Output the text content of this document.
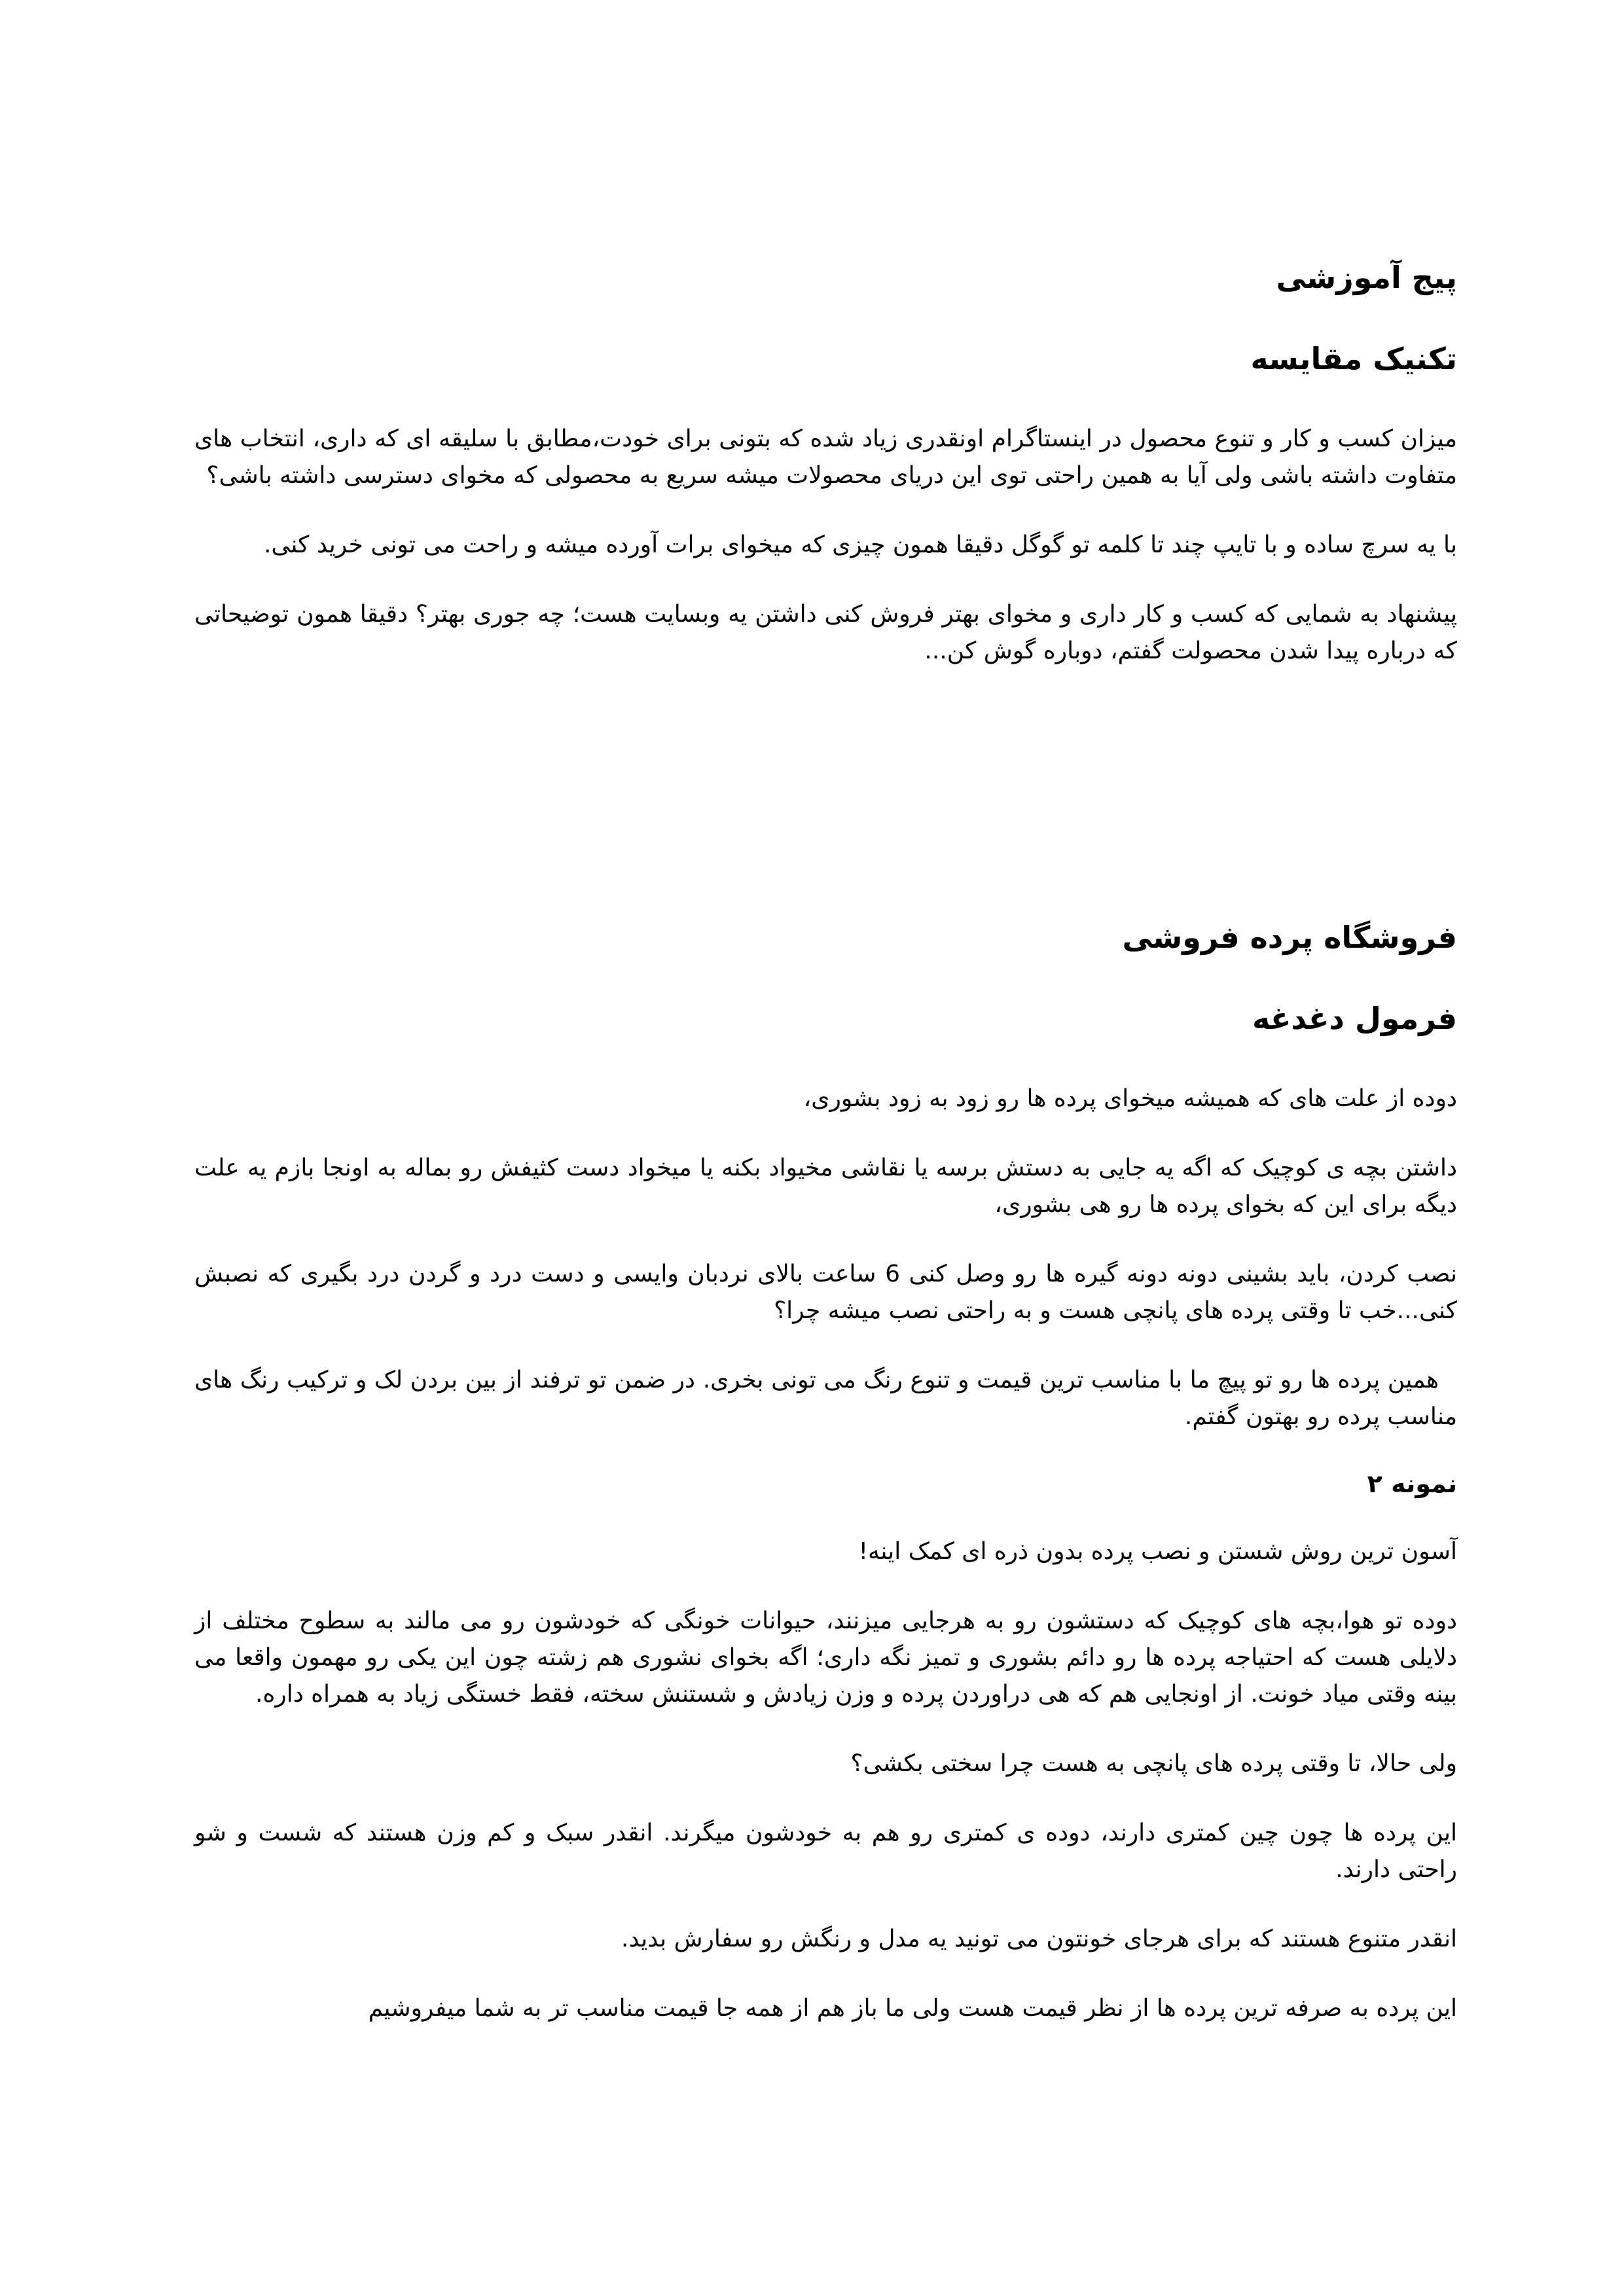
پیج آموزشی
تکنیک مقایسه

میزان کسب و کار و تنوع محصول در اینستاگرام اونقدری زیاد شده که بتونی برای خودت،مطابق با سلیقه ای که داری، انتخاب های متفاوت داشته باشی ولی آیا به همین راحتی توی این دریای محصولات میشه سریع به محصولی که مخوای دسترسی داشته باشی؟

با یه سرچ ساده و با تایپ چند تا کلمه تو گوگل دقیقا همون چیزی که میخوای برات آورده میشه و راحت می تونی خرید کنی.

پیشنهاد به شمایی که کسب و کار داری و مخوای بهتر فروش کنی داشتن یه وبسایت هست؛ چه جوری بهتر؟ دقیقا همون توضیحاتی که درباره پیدا شدن محصولت گفتم، دوباره گوش کن...

فروشگاه پرده فروشی
فرمول دغدغه

دوده از علت های که همیشه میخوای پرده ها رو زود به زود بشوری،

داشتن بچه ی کوچیک که اگه یه جایی به دستش برسه یا نقاشی مخیواد بکنه یا میخواد دست کثیفش رو بماله به اونجا بازم یه علت دیگه برای این که بخوای پرده ها رو هی بشوری،

نصب کردن، باید بشینی دونه دونه گیره ها رو وصل کنی 6 ساعت بالای نردبان وایسی و دست درد و گردن درد بگیری که نصبش کنی...خب تا وقتی پرده های پانچی هست و به راحتی نصب میشه چرا؟

همین پرده ها رو تو پیچ ما با مناسب ترین قیمت و تنوع رنگ می تونی بخری. در ضمن تو ترفند از بین بردن لک و ترکیب رنگ های مناسب پرده رو بهتون گفتم.

نمونه ۲

آسون ترین روش شستن و نصب پرده بدون ذره ای کمک اینه!

دوده تو هوا،بچه های کوچیک که دستشون رو به هرجایی میزنند، حیوانات خونگی که خودشون رو می مالند به سطوح مختلف از دلایلی هست که احتیاجه پرده ها رو دائم بشوری و تمیز نگه داری؛ اگه بخوای نشوری هم زشته چون این یکی رو مهمون واقعا می بینه وقتی میاد خونت. از اونجایی هم که هی دراوردن پرده و وزن زیادش و شستنش سخته، فقط خستگی زیاد به همراه داره.

ولی حالا، تا وقتی پرده های پانچی به هست چرا سختی بکشی؟

این پرده ها چون چین کمتری دارند، دوده ی کمتری رو هم به خودشون میگرند. انقدر سبک و کم وزن هستند که شست و شو راحتی دارند.

انقدر متنوع هستند که برای هرجای خونتون می تونید یه مدل و رنگش رو سفارش بدید.

این پرده به صرفه ترین پرده ها از نظر قیمت هست ولی ما باز هم از همه جا قیمت مناسب تر به شما میفروشیم
